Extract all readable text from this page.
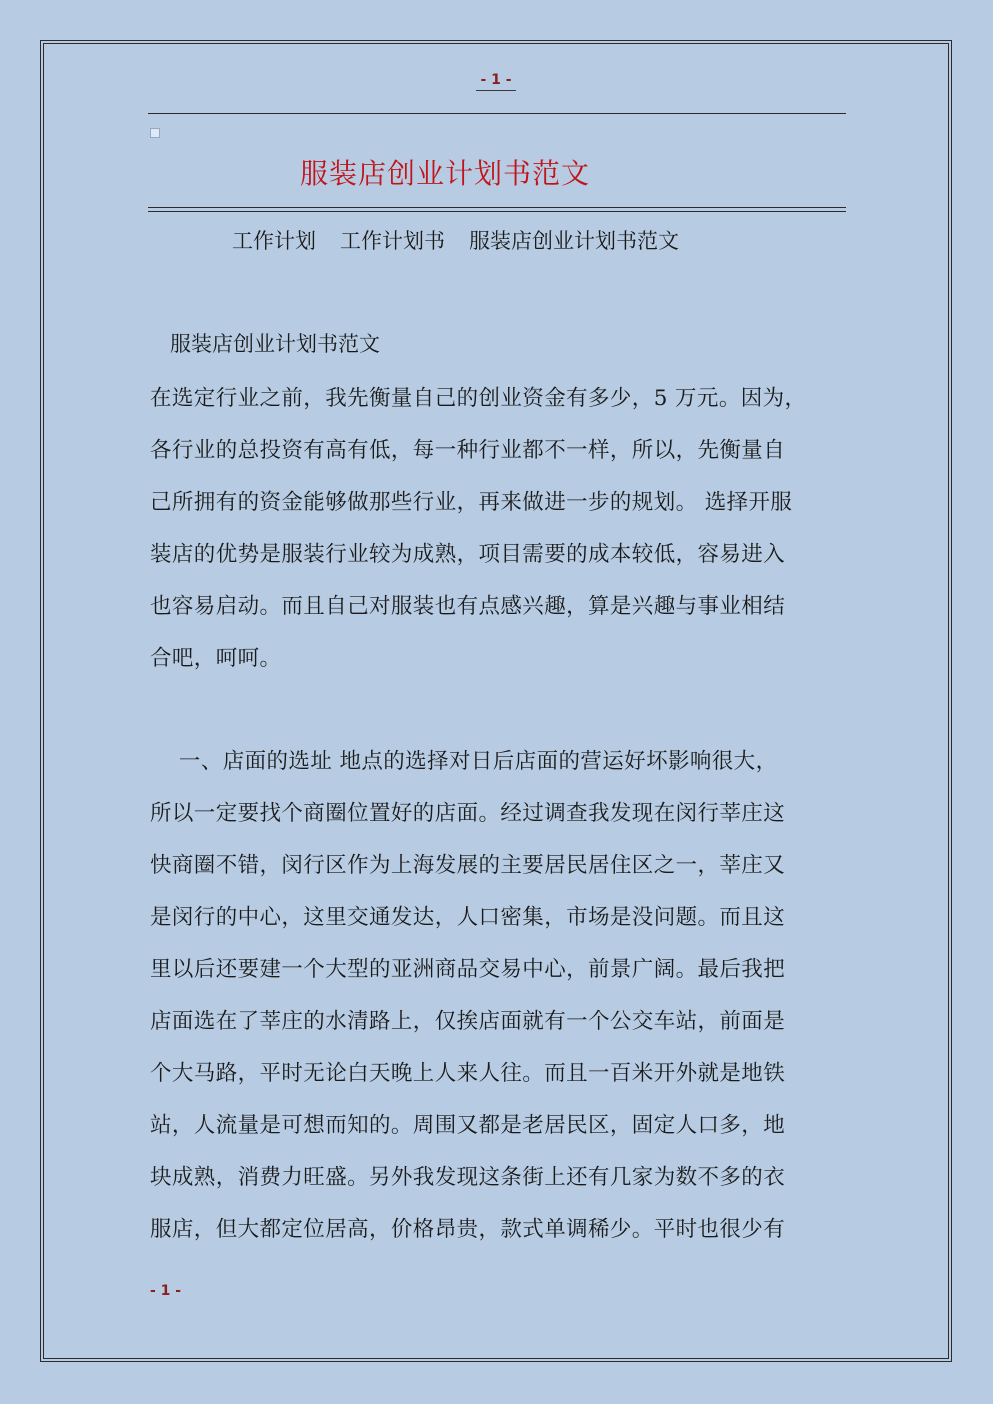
- 1 -
服装店创业计划书范文
工作计划 工作计划书 服装店创业计划书范文
服装店创业计划书范文
在选定行业之前，我先衡量自己的创业资金有多少，5 万元。因为，
各行业的总投资有高有低，每一种行业都不一样，所以，先衡量自
己所拥有的资金能够做那些行业，再来做进一步的规划。 选择开服
装店的优势是服装行业较为成熟，项目需要的成本较低，容易进入
也容易启动。而且自己对服装也有点感兴趣，算是兴趣与事业相结
合吧，呵呵。
一、店面的选址 地点的选择对日后店面的营运好坏影响很大，
所以一定要找个商圈位置好的店面。经过调查我发现在闵行莘庄这
快商圈不错，闵行区作为上海发展的主要居民居住区之一，莘庄又
是闵行的中心，这里交通发达，人口密集，市场是没问题。而且这
里以后还要建一个大型的亚洲商品交易中心，前景广阔。最后我把
店面选在了莘庄的水清路上，仅挨店面就有一个公交车站，前面是
个大马路，平时无论白天晚上人来人往。而且一百米开外就是地铁
站，人流量是可想而知的。周围又都是老居民区，固定人口多，地
块成熟，消费力旺盛。另外我发现这条街上还有几家为数不多的衣
服店，但大都定位居高，价格昂贵，款式单调稀少。平时也很少有
- 1 -
